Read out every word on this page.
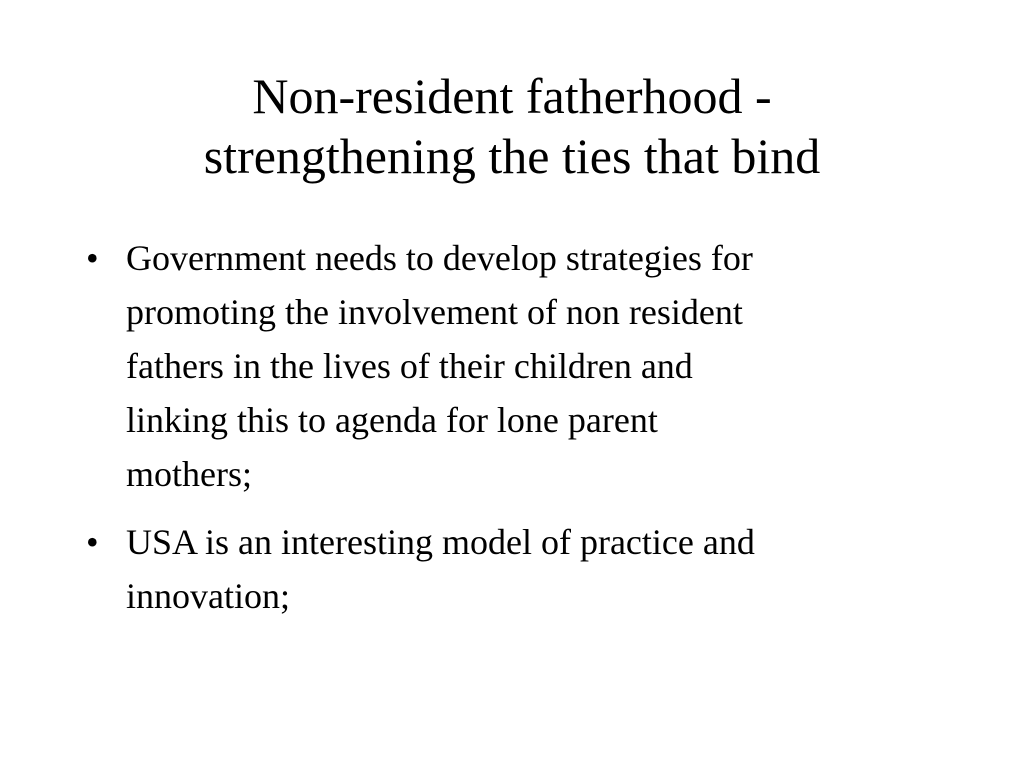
Non-resident fatherhood -
strengthening the ties that bind
• Government needs to develop strategies for
promoting the involvement of non resident
fathers in the lives of their children and
linking this to agenda for lone parent
mothers;
• USA is an interesting model of practice and
innovation;
